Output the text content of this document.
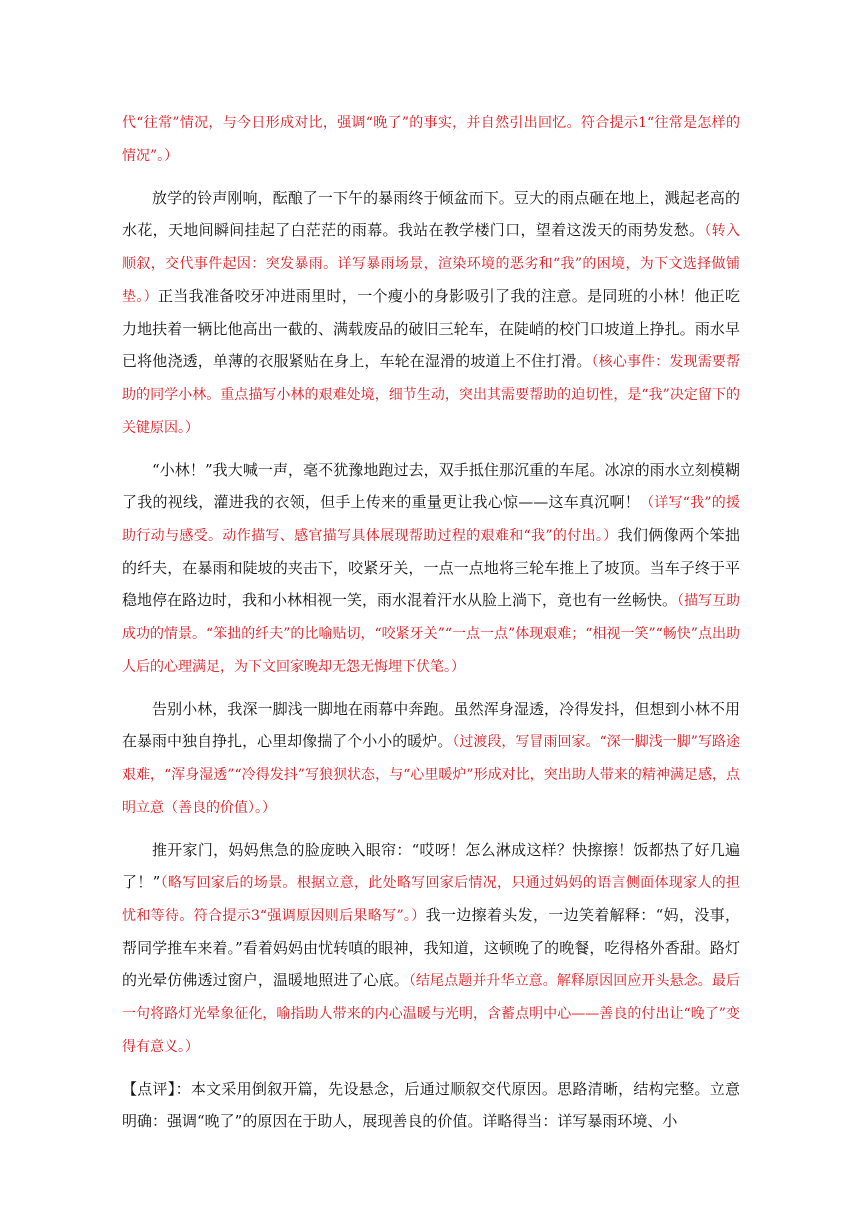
代“往常”情况，与今日形成对比，强调“晚了”的事实，并自然引出回忆。符合提示1“往常是怎样的情况”。）

放学的铃声刚响，酝酿了一下午的暴雨终于倾盆而下。豆大的雨点砸在地上，溅起老高的水花，天地间瞬间挂起了白茫茫的雨幕。我站在教学楼门口，望着这泼天的雨势发愁。（转入顺叙，交代事件起因：突发暴雨。详写暴雨场景，渲染环境的恶劣和“我”的困境，为下文选择做铺垫。）正当我准备咬牙冲进雨里时，一个瘦小的身影吸引了我的注意。是同班的小林！他正吃力地扶着一辆比他高出一截的、满载废品的破旧三轮车，在陡峭的校门口坡道上挣扎。雨水早已将他浇透，单薄的衣服紧贴在身上，车轮在湿滑的坡道上不住打滑。（核心事件：发现需要帮助的同学小林。重点描写小林的艰难处境，细节生动，突出其需要帮助的迫切性，是“我”决定留下的关键原因。）

“小林！”我大喊一声，毫不犹豫地跑过去，双手抵住那沉重的车尾。冰凉的雨水立刻模糊了我的视线，灌进我的衣领，但手上传来的重量更让我心惊——这车真沉啊！（详写“我”的援助行动与感受。动作描写、感官描写具体展现帮助过程的艰难和“我”的付出。）我们俩像两个笨拙的纤夫，在暴雨和陡坡的夹击下，咬紧牙关，一点一点地将三轮车推上了坡顶。当车子终于平稳地停在路边时，我和小林相视一笑，雨水混着汗水从脸上淌下，竟也有一丝畅快。（描写互助成功的情景。“笨拙的纤夫”的比喻贴切，“咬紧牙关”“一点一点”体现艰难；“相视一笑”“畅快”点出助人后的心理满足，为下文回家晚却无怨无悔埋下伏笔。）

告别小林，我深一脚浅一脚地在雨幕中奔跑。虽然浑身湿透，冷得发抖，但想到小林不用在暴雨中独自挣扎，心里却像揣了个小小的暖炉。（过渡段，写冒雨回家。“深一脚浅一脚”写路途艰难，“浑身湿透”“冷得发抖”写狼狈状态，与“心里暖炉”形成对比，突出助人带来的精神满足感，点明立意（善良的价值）。）

推开家门，妈妈焦急的脸庞映入眼帘：“哎呀！怎么淋成这样？快擦擦！饭都热了好几遍了！”（略写回家后的场景。根据立意，此处略写回家后情况，只通过妈妈的语言侧面体现家人的担忧和等待。符合提示3“强调原因则后果略写”。）我一边擦着头发，一边笑着解释：“妈，没事，帮同学推车来着。”看着妈妈由忧转嗔的眼神，我知道，这顿晚了的晚餐，吃得格外香甜。路灯的光晕仿佛透过窗户，温暖地照进了心底。（结尾点题并升华立意。解释原因回应开头悬念。最后一句将路灯光晕象征化，喻指助人带来的内心温暖与光明，含蓄点明中心——善良的付出让“晚了”变得有意义。）

【点评】：本文采用倒叙开篇，先设悬念，后通过顺叙交代原因。思路清晰，结构完整。立意明确：强调“晚了”的原因在于助人，展现善良的价值。详略得当：详写暴雨环境、小
